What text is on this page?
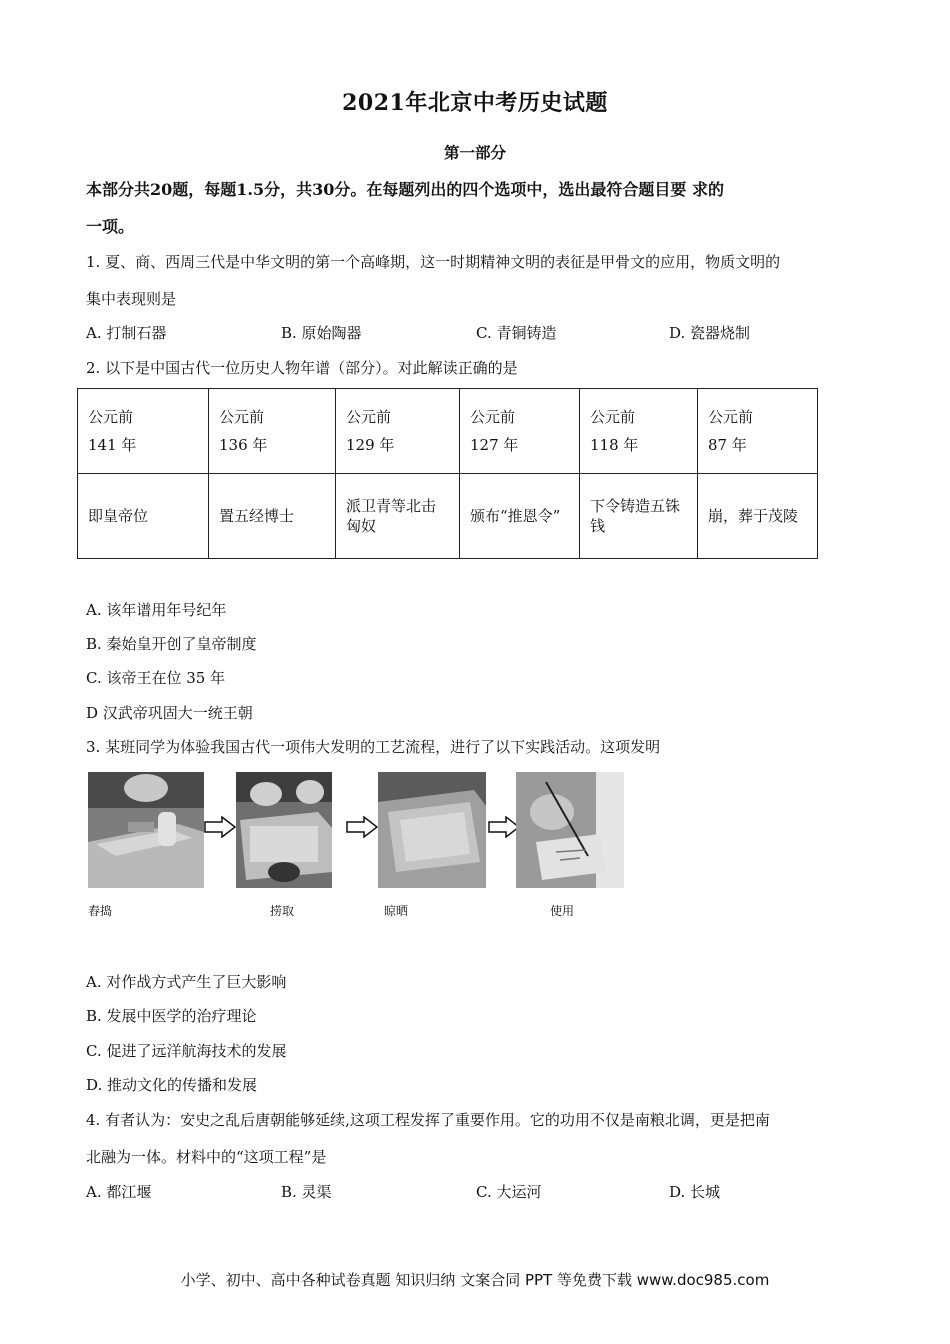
2021年北京中考历史试题
第一部分
本部分共20题，每题1.5分，共30分。在每题列出的四个选项中，选出最符合题目要 求的
一项。
1. 夏、商、西周三代是中华文明的第一个高峰期，这一时期精神文明的表征是甲骨文的应用，物质文明的
集中表现则是
A. 打制石器	B. 原始陶器	C. 青铜铸造	D. 瓷器烧制
2. 以下是中国古代一位历史人物年谱（部分）。对此解读正确的是
公元前
141 年	公元前
136 年	公元前
129 年	公元前
127 年	公元前
118 年	公元前
87 年
即皇帝位	置五经博士	派卫青等北击匈奴	颁布“推恩令”	下令铸造五铢钱	崩，葬于茂陵
A. 该年谱用年号纪年
B. 秦始皇开创了皇帝制度
C. 该帝王在位 35 年
D 汉武帝巩固大一统王朝
3. 某班同学为体验我国古代一项伟大发明的工艺流程，进行了以下实践活动。这项发明
舂捣	捞取	晾晒	使用
A. 对作战方式产生了巨大影响
B. 发展中医学的治疗理论
C. 促进了远洋航海技术的发展
D. 推动文化的传播和发展
4. 有者认为：安史之乱后唐朝能够延续,这项工程发挥了重要作用。它的功用不仅是南粮北调，更是把南
北融为一体。材料中的“这项工程”是
A. 都江堰	B. 灵渠	C. 大运河	D. 长城
小学、初中、高中各种试卷真题 知识归纳 文案合同 PPT 等免费下载 www.doc985.com
